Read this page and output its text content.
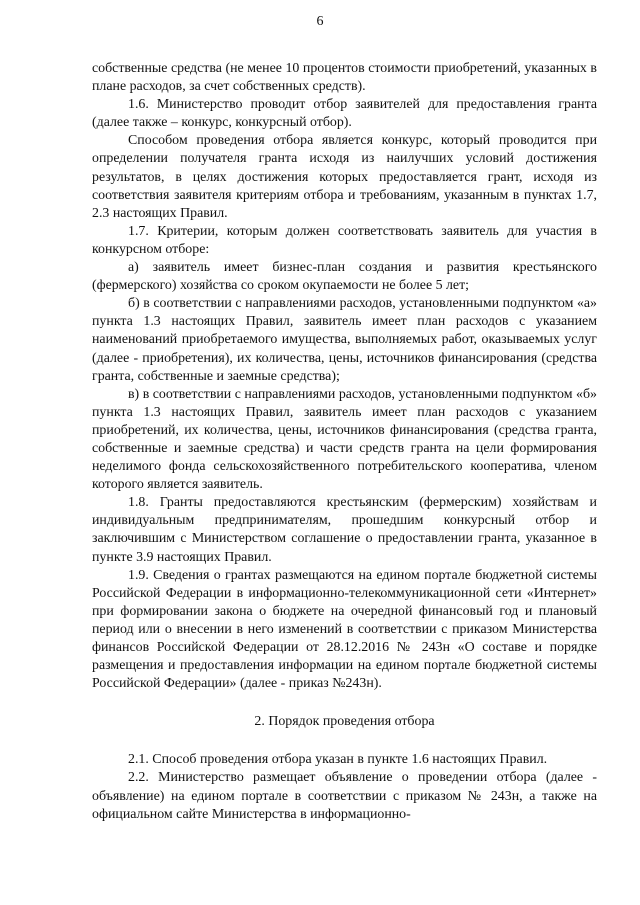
6

собственные средства (не менее 10 процентов стоимости приобретений, указанных в плане расходов, за счет собственных средств).

1.6. Министерство проводит отбор заявителей для предоставления гранта (далее также – конкурс, конкурсный отбор).

Способом проведения отбора является конкурс, который проводится при определении получателя гранта исходя из наилучших условий достижения результатов, в целях достижения которых предоставляется грант, исходя из соответствия заявителя критериям отбора и требованиям, указанным в пунктах 1.7, 2.3 настоящих Правил.

1.7. Критерии, которым должен соответствовать заявитель для участия в конкурсном отборе:

а) заявитель имеет бизнес-план создания и развития крестьянского (фермерского) хозяйства со сроком окупаемости не более 5 лет;

б) в соответствии с направлениями расходов, установленными подпунктом «а» пункта 1.3 настоящих Правил, заявитель имеет план расходов с указанием наименований приобретаемого имущества, выполняемых работ, оказываемых услуг (далее - приобретения), их количества, цены, источников финансирования (средства гранта, собственные и заемные средства);

в) в соответствии с направлениями расходов, установленными подпунктом «б» пункта 1.3 настоящих Правил, заявитель имеет план расходов с указанием приобретений, их количества, цены, источников финансирования (средства гранта, собственные и заемные средства) и части средств гранта на цели формирования неделимого фонда сельскохозяйственного потребительского кооператива, членом которого является заявитель.

1.8. Гранты предоставляются крестьянским (фермерским) хозяйствам и индивидуальным предпринимателям, прошедшим конкурсный отбор и заключившим с Министерством соглашение о предоставлении гранта, указанное в пункте 3.9 настоящих Правил.

1.9. Сведения о грантах размещаются на едином портале бюджетной системы Российской Федерации в информационно-телекоммуникационной сети «Интернет» при формировании закона о бюджете на очередной финансовый год и плановый период или о внесении в него изменений в соответствии с приказом Министерства финансов Российской Федерации от 28.12.2016 № 243н «О составе и порядке размещения и предоставления информации на едином портале бюджетной системы Российской Федерации» (далее - приказ №243н).

2. Порядок проведения отбора

2.1. Способ проведения отбора указан в пункте 1.6 настоящих Правил.

2.2. Министерство размещает объявление о проведении отбора (далее - объявление) на едином портале в соответствии с приказом № 243н, а также на официальном сайте Министерства в информационно-
